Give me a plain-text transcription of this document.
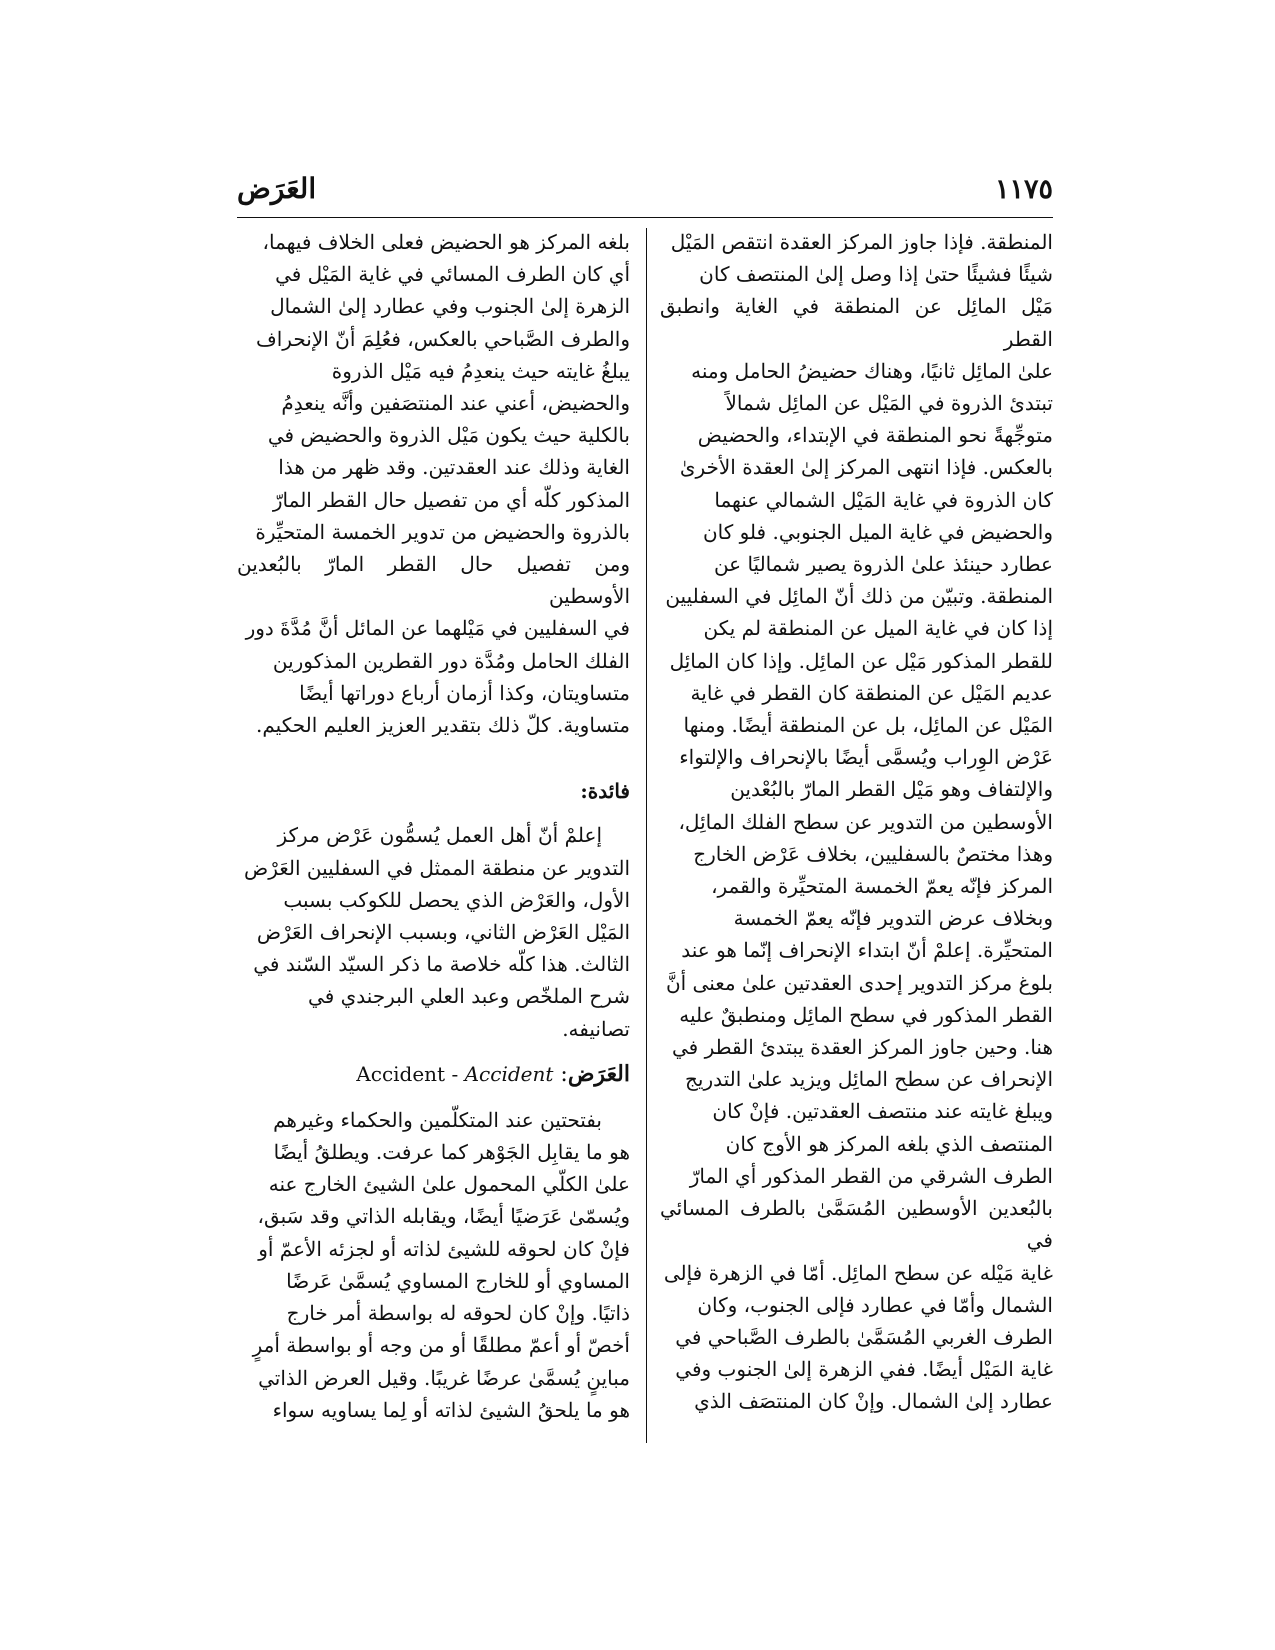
١١٧٥
العَرَض

المنطقة. فإذا جاوز المركز العقدة انتقص المَيْل

شيئًا فشيئًا حتىٰ إذا وصل إلىٰ المنتصف كان

مَيْل المائِل عن المنطقة في الغاية وانطبق القطر

علىٰ المائِل ثانيًا، وهناك حضيضُ الحامل ومنه

تبتدئ الذروة في المَيْل عن المائِل شمالاً

متوجِّهةً نحو المنطقة في الإبتداء، والحضيض

بالعكس. فإذا انتهى المركز إلىٰ العقدة الأخرىٰ

كان الذروة في غاية المَيْل الشمالي عنهما

والحضيض في غاية الميل الجنوبي. فلو كان

عطارد حينئذ علىٰ الذروة يصير شماليًا عن

المنطقة. وتبيّن من ذلك أنّ المائِل في السفليين

إذا كان في غاية الميل عن المنطقة لم يكن

للقطر المذكور مَيْل عن المائِل. وإذا كان المائِل

عديم المَيْل عن المنطقة كان القطر في غاية

المَيْل عن المائِل، بل عن المنطقة أيضًا. ومنها

عَرْض الوِراب ويُسمَّى أيضًا بالإنحراف والإلتواء

والإلتفاف وهو مَيْل القطر المارّ بالبُعْدين

الأوسطين من التدوير عن سطح الفلك المائِل،

وهذا مختصٌ بالسفليين، بخلاف عَرْض الخارج

المركز فإنّه يعمّ الخمسة المتحيِّرة والقمر،

وبخلاف عرض التدوير فإنّه يعمّ الخمسة

المتحيِّرة. إعلمْ أنّ ابتداء الإنحراف إنّما هو عند

بلوغ مركز التدوير إحدى العقدتين علىٰ معنى أنَّ

القطر المذكور في سطح المائِل ومنطبقٌ عليه

هنا. وحين جاوز المركز العقدة يبتدئ القطر في

الإنحراف عن سطح المائِل ويزيد علىٰ التدريج

ويبلغ غايته عند منتصف العقدتين. فإنْ كان

المنتصف الذي بلغه المركز هو الأوج كان

الطرف الشرقي من القطر المذكور أي المارّ

بالبُعدين الأوسطين المُسَمَّىٰ بالطرف المسائي في

غاية مَيْله عن سطح المائِل. أمّا في الزهرة فإلى

الشمال وأمّا في عطارد فإلى الجنوب، وكان

الطرف الغربي المُسَمَّىٰ بالطرف الصَّباحي في

غاية المَيْل أيضًا. ففي الزهرة إلىٰ الجنوب وفي

عطارد إلىٰ الشمال. وإنْ كان المنتصَف الذي

بلغه المركز هو الحضيض فعلى الخلاف فيهما،

أي كان الطرف المسائي في غاية المَيْل في

الزهرة إلىٰ الجنوب وفي عطارد إلىٰ الشمال

والطرف الصَّباحي بالعكس، فعُلِمَ أنّ الإنحراف

يبلغُ غايته حيث ينعدِمُ فيه مَيْل الذروة

والحضيض، أعني عند المنتصَفين وأنَّه ينعدِمُ

بالكلية حيث يكون مَيْل الذروة والحضيض في

الغاية وذلك عند العقدتين. وقد ظهر من هذا

المذكور كلّه أي من تفصيل حال القطر المارّ

بالذروة والحضيض من تدوير الخمسة المتحيِّرة

ومن تفصيل حال القطر المارّ بالبُعدين الأوسطين

في السفليين في مَيْلهما عن المائل أنَّ مُدَّةَ دور

الفلك الحامل ومُدَّة دور القطرين المذكورين

متساويتان، وكذا أزمان أرباع دوراتها أيضًا

متساوية. كلّ ذلك بتقدير العزيز العليم الحكيم.

فائدة:

إعلمْ أنّ أهل العمل يُسمُّون عَرْض مركز

التدوير عن منطقة الممثل في السفليين العَرْض

الأول، والعَرْض الذي يحصل للكوكب بسبب

المَيْل العَرْض الثاني، وبسبب الإنحراف العَرْض

الثالث. هذا كلّه خلاصة ما ذكر السيّد السّند في

شرح الملخّص وعبد العلي البرجندي في

تصانيفه.

العَرَض: Accident - Accident

بفتحتين عند المتكلّمين والحكماء وغيرهم

هو ما يقابِل الجَوْهر كما عرفت. ويطلقُ أيضًا

علىٰ الكلّي المحمول علىٰ الشيئ الخارج عنه

ويُسمّىٰ عَرَضيًا أيضًا، ويقابله الذاتي وقد سَبق،

فإنْ كان لحوقه للشيئ لذاته أو لجزئه الأعمّ أو

المساوي أو للخارج المساوي يُسمَّىٰ عَرضًا

ذاتيًا. وإنْ كان لحوقه له بواسطة أمر خارج

أخصّ أو أعمّ مطلقًا أو من وجه أو بواسطة أمرٍ

مباينٍ يُسمَّىٰ عرضًا غريبًا. وقيل العرض الذاتي

هو ما يلحقُ الشيئ لذاته أو لِما يساويه سواء
